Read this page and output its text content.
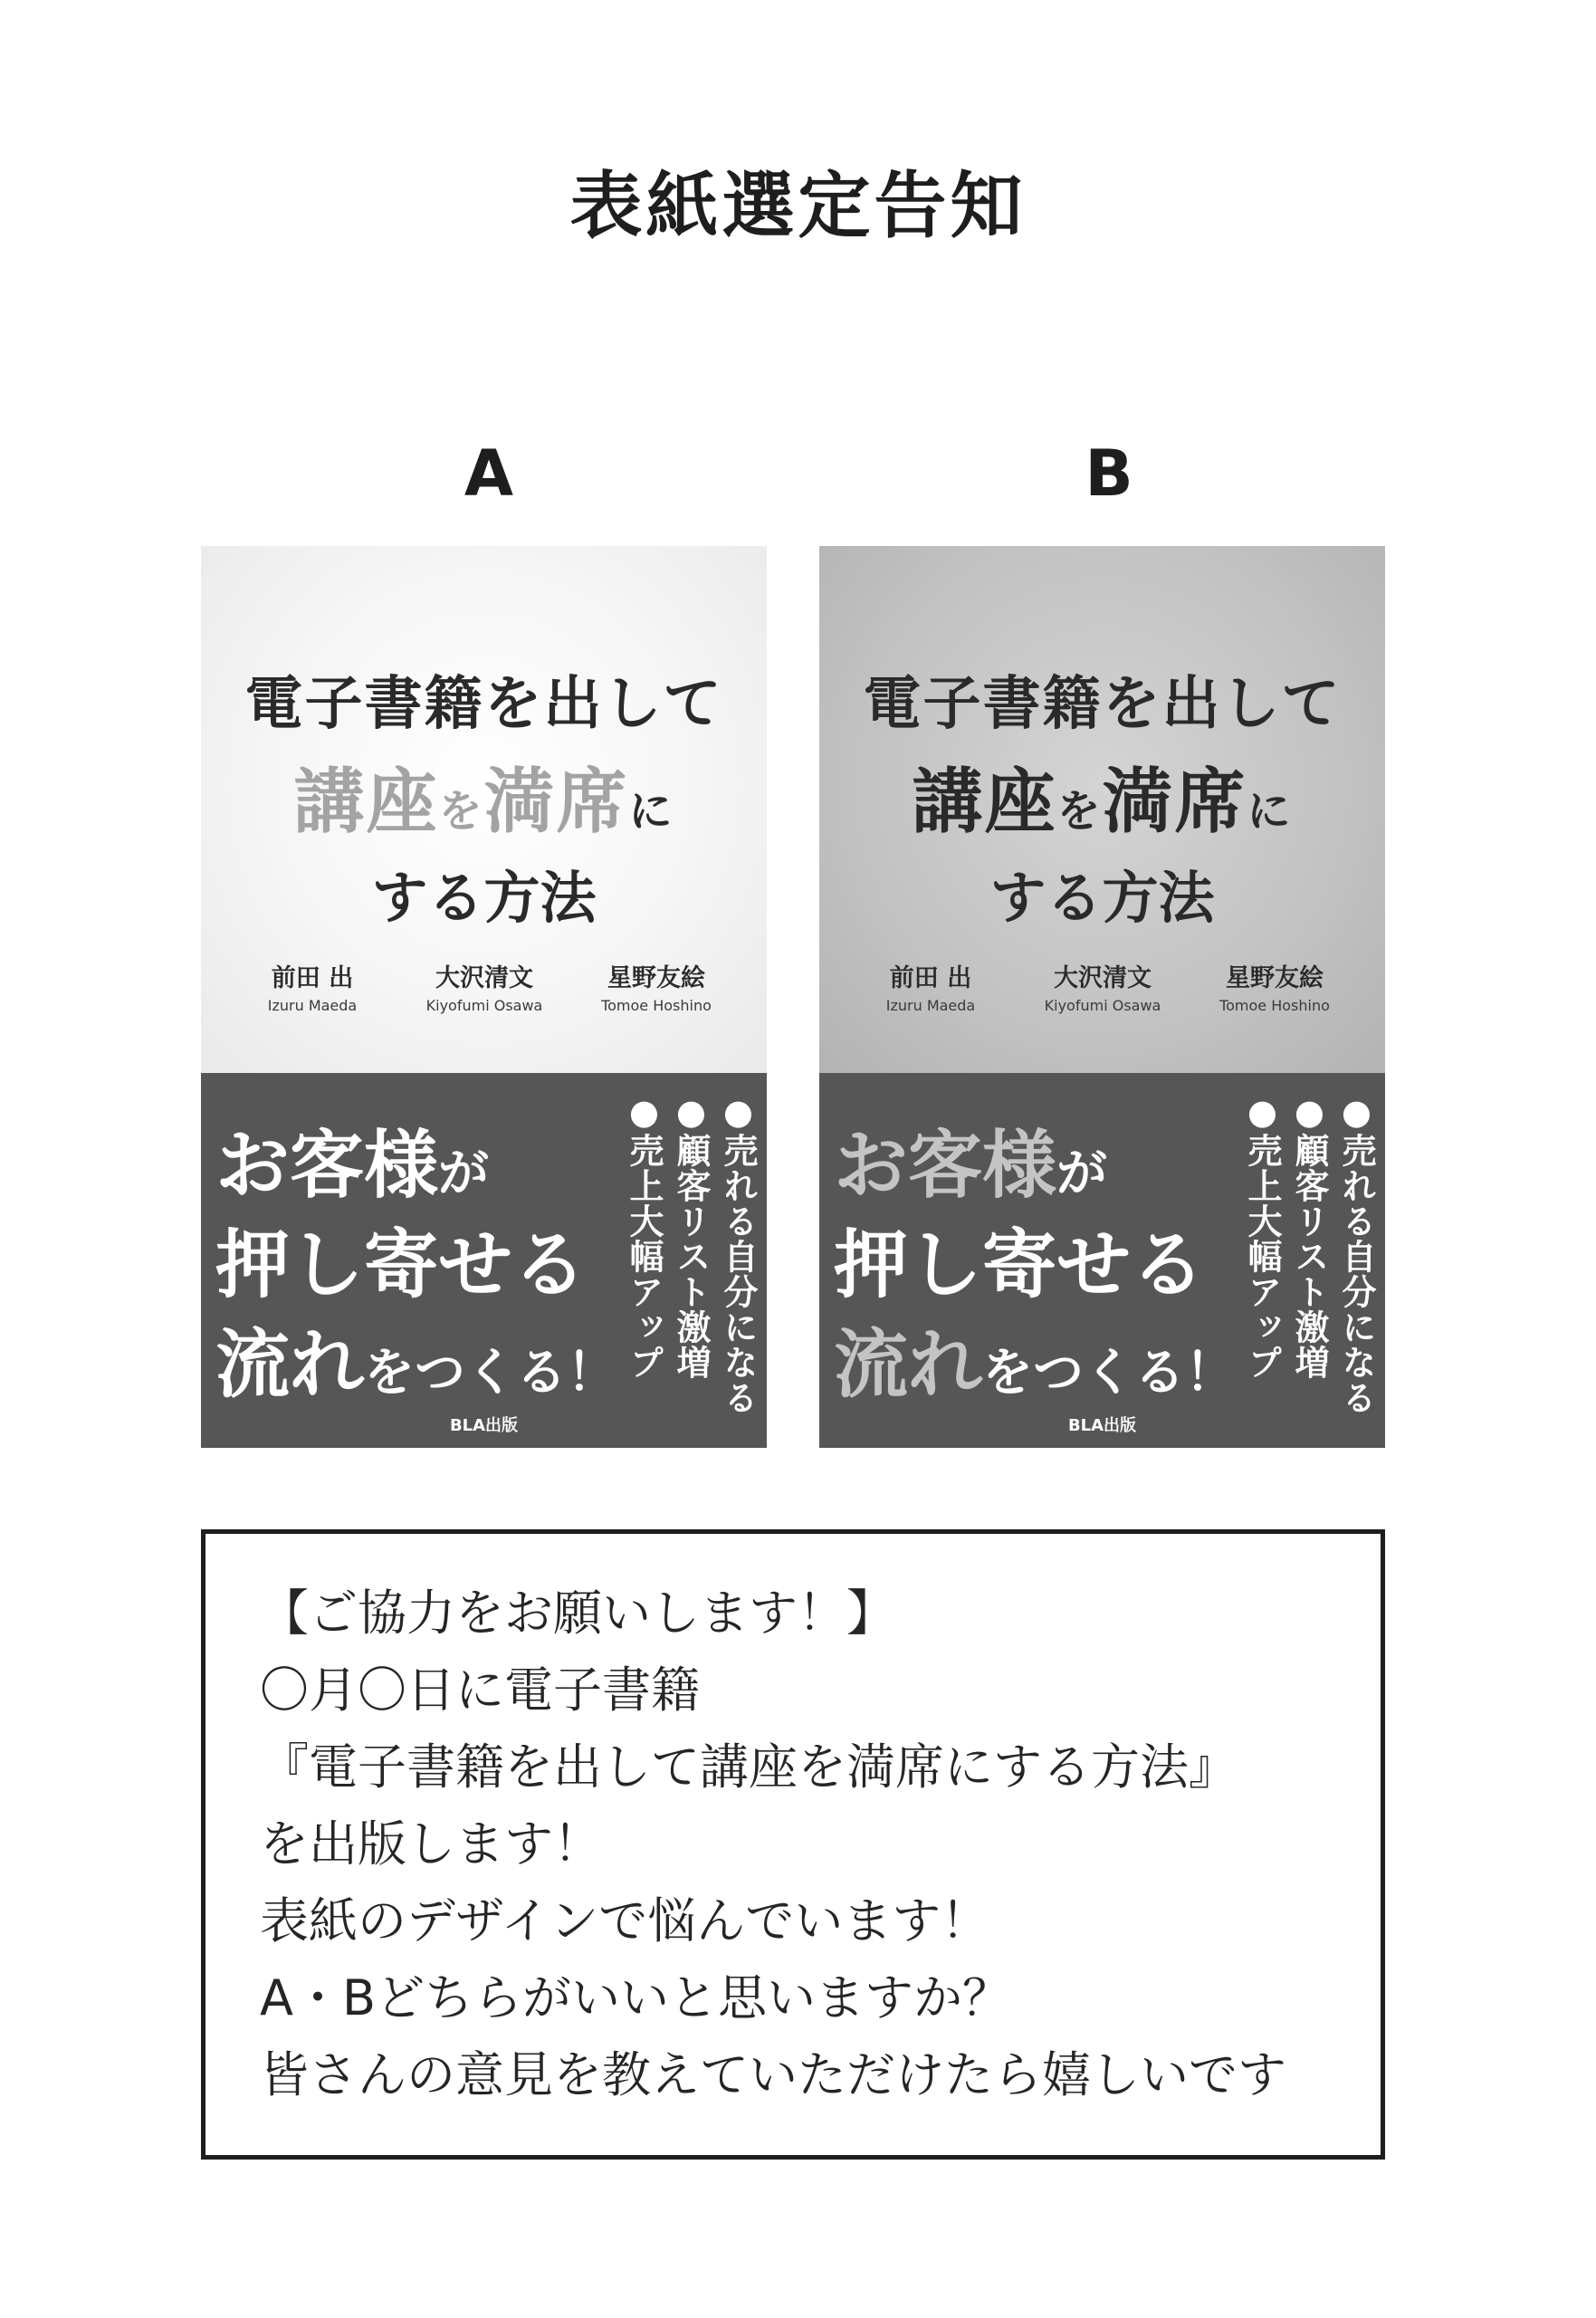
表紙選定告知
A
電子書籍を出して
講座を満席に
する方法
前田 出
Izuru Maeda
大沢清文
Kiyofumi Osawa
星野友絵
Tomoe Hoshino
お客様が
押し寄せる
流れをつくる！	●売れる自分になる
●顧客リスト激増
●売上大幅アップ
BLA出版
B
電子書籍を出して
講座を満席に
する方法
前田 出
Izuru Maeda
大沢清文
Kiyofumi Osawa
星野友絵
Tomoe Hoshino
お客様が
押し寄せる
流れをつくる！	●売れる自分になる
●顧客リスト激増
●売上大幅アップ
BLA出版
【ご協力をお願いします！】
〇月〇日に電子書籍
『電子書籍を出して講座を満席にする方法』
を出版します！
表紙のデザインで悩んでいます！
A・Bどちらがいいと思いますか？
皆さんの意見を教えていただけたら嬉しいです
